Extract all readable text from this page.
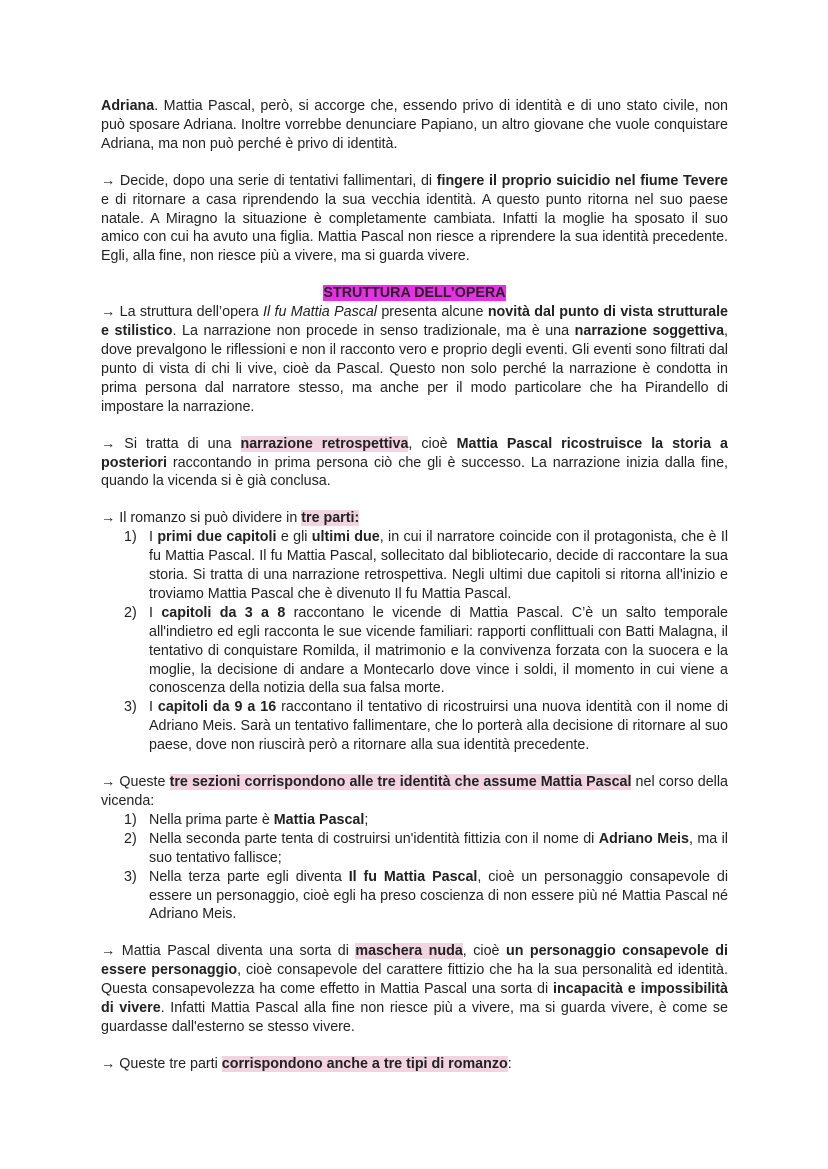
Adriana. Mattia Pascal, però, si accorge che, essendo privo di identità e di uno stato civile, non può sposare Adriana. Inoltre vorrebbe denunciare Papiano, un altro giovane che vuole conquistare Adriana, ma non può perché è privo di identità.

→ Decide, dopo una serie di tentativi fallimentari, di fingere il proprio suicidio nel fiume Tevere e di ritornare a casa riprendendo la sua vecchia identità. A questo punto ritorna nel suo paese natale. A Miragno la situazione è completamente cambiata. Infatti la moglie ha sposato il suo amico con cui ha avuto una figlia. Mattia Pascal non riesce a riprendere la sua identità precedente. Egli, alla fine, non riesce più a vivere, ma si guarda vivere.

STRUTTURA DELL’OPERA

→ La struttura dell’opera Il fu Mattia Pascal presenta alcune novità dal punto di vista strutturale e stilistico. La narrazione non procede in senso tradizionale, ma è una narrazione soggettiva, dove prevalgono le riflessioni e non il racconto vero e proprio degli eventi. Gli eventi sono filtrati dal punto di vista di chi li vive, cioè da Pascal. Questo non solo perché la narrazione è condotta in prima persona dal narratore stesso, ma anche per il modo particolare che ha Pirandello di impostare la narrazione.

→ Si tratta di una narrazione retrospettiva, cioè Mattia Pascal ricostruisce la storia a posteriori raccontando in prima persona ciò che gli è successo. La narrazione inizia dalla fine, quando la vicenda si è già conclusa.

→ Il romanzo si può dividere in tre parti:

1) I primi due capitoli e gli ultimi due, in cui il narratore coincide con il protagonista, che è Il fu Mattia Pascal. Il fu Mattia Pascal, sollecitato dal bibliotecario, decide di raccontare la sua storia. Si tratta di una narrazione retrospettiva. Negli ultimi due capitoli si ritorna all'inizio e troviamo Mattia Pascal che è divenuto Il fu Mattia Pascal.
2) I capitoli da 3 a 8 raccontano le vicende di Mattia Pascal. C’è un salto temporale all'indietro ed egli racconta le sue vicende familiari: rapporti conflittuali con Batti Malagna, il tentativo di conquistare Romilda, il matrimonio e la convivenza forzata con la suocera e la moglie, la decisione di andare a Montecarlo dove vince i soldi, il momento in cui viene a conoscenza della notizia della sua falsa morte.
3) I capitoli da 9 a 16 raccontano il tentativo di ricostruirsi una nuova identità con il nome di Adriano Meis. Sarà un tentativo fallimentare, che lo porterà alla decisione di ritornare al suo paese, dove non riuscirà però a ritornare alla sua identità precedente.

→ Queste tre sezioni corrispondono alle tre identità che assume Mattia Pascal nel corso della vicenda:

1) Nella prima parte è Mattia Pascal;
2) Nella seconda parte tenta di costruirsi un'identità fittizia con il nome di Adriano Meis, ma il suo tentativo fallisce;
3) Nella terza parte egli diventa Il fu Mattia Pascal, cioè un personaggio consapevole di essere un personaggio, cioè egli ha preso coscienza di non essere più né Mattia Pascal né Adriano Meis.

→ Mattia Pascal diventa una sorta di maschera nuda, cioè un personaggio consapevole di essere personaggio, cioè consapevole del carattere fittizio che ha la sua personalità ed identità. Questa consapevolezza ha come effetto in Mattia Pascal una sorta di incapacità e impossibilità di vivere. Infatti Mattia Pascal alla fine non riesce più a vivere, ma si guarda vivere, è come se guardasse dall'esterno se stesso vivere.

→ Queste tre parti corrispondono anche a tre tipi di romanzo:
